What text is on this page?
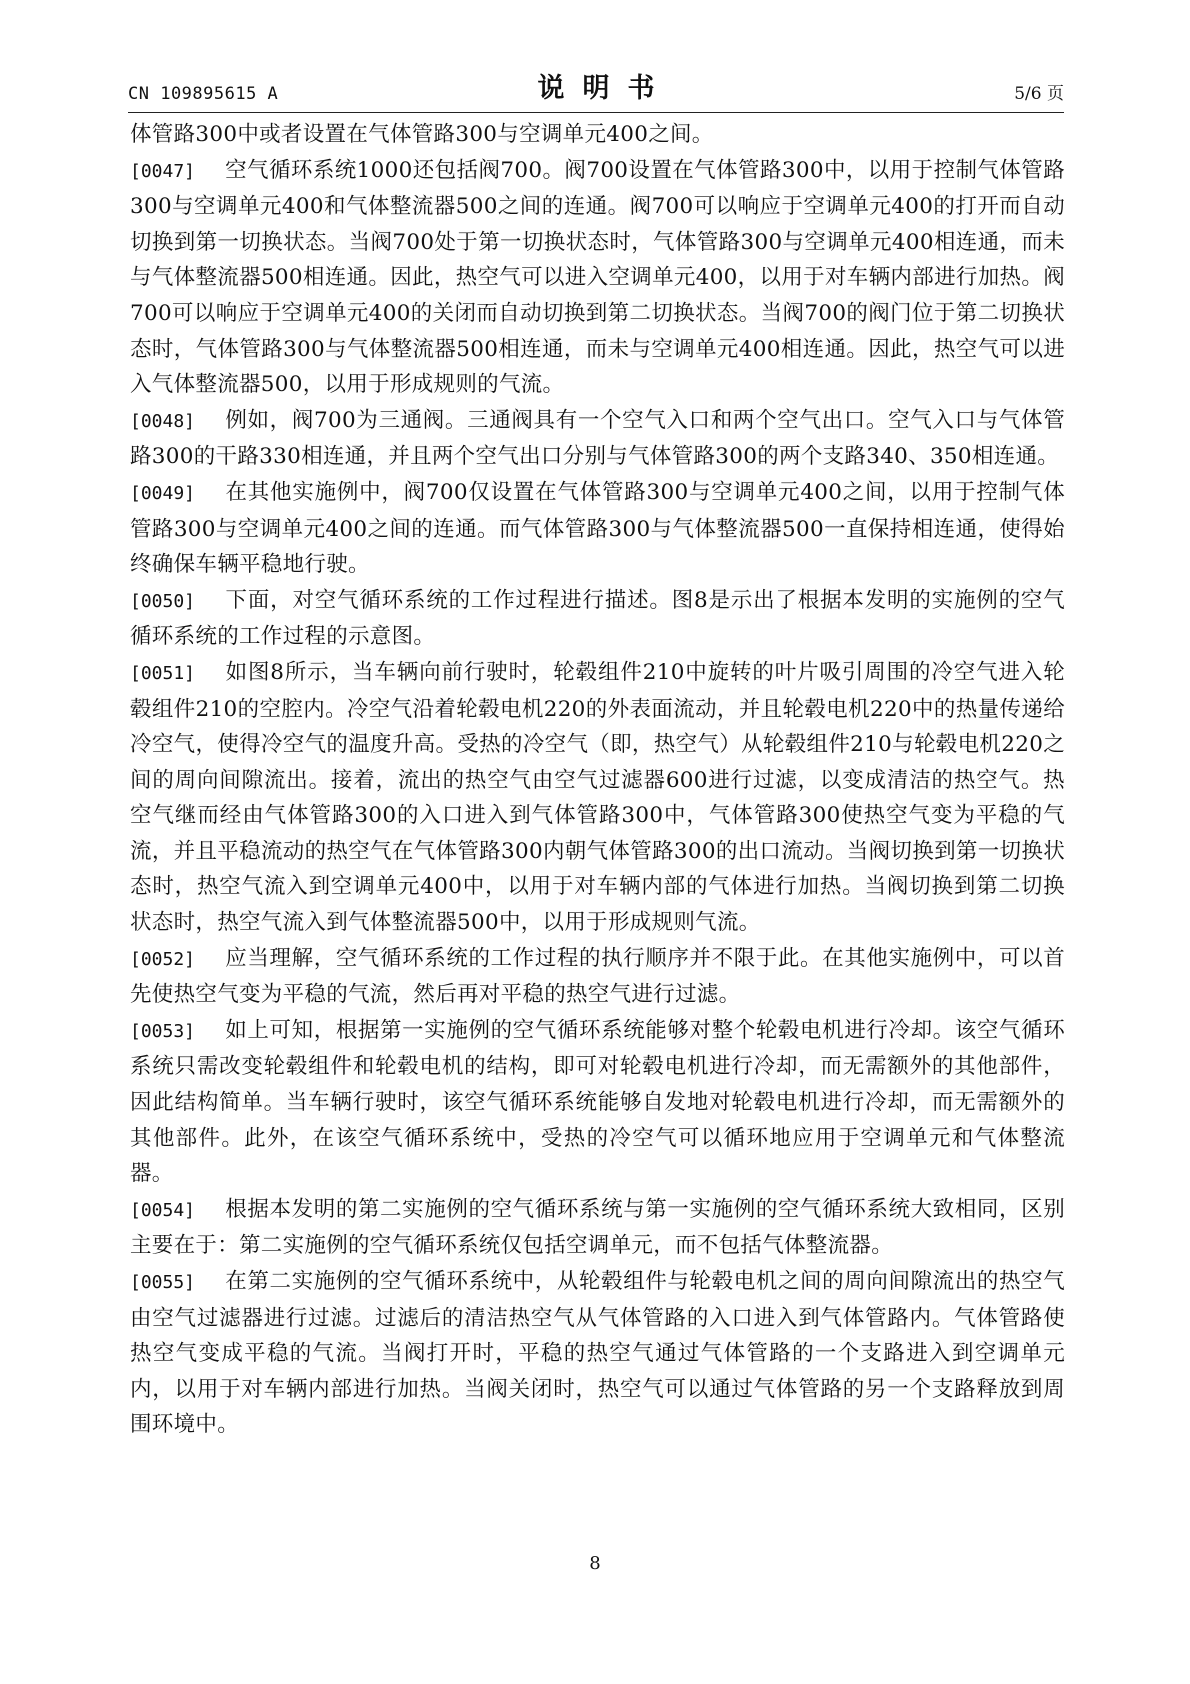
CN 109895615 A	说明书	5/6 页

体管路300中或者设置在气体管路300与空调单元400之间。

[0047] 空气循环系统1000还包括阀700。阀700设置在气体管路300中，以用于控制气体管路300与空调单元400和气体整流器500之间的连通。阀700可以响应于空调单元400的打开而自动切换到第一切换状态。当阀700处于第一切换状态时，气体管路300与空调单元400相连通，而未与气体整流器500相连通。因此，热空气可以进入空调单元400，以用于对车辆内部进行加热。阀700可以响应于空调单元400的关闭而自动切换到第二切换状态。当阀700的阀门位于第二切换状态时，气体管路300与气体整流器500相连通，而未与空调单元400相连通。因此，热空气可以进入气体整流器500，以用于形成规则的气流。

[0048] 例如，阀700为三通阀。三通阀具有一个空气入口和两个空气出口。空气入口与气体管路300的干路330相连通，并且两个空气出口分别与气体管路300的两个支路340、350相连通。

[0049] 在其他实施例中，阀700仅设置在气体管路300与空调单元400之间，以用于控制气体管路300与空调单元400之间的连通。而气体管路300与气体整流器500一直保持相连通，使得始终确保车辆平稳地行驶。

[0050] 下面，对空气循环系统的工作过程进行描述。图8是示出了根据本发明的实施例的空气循环系统的工作过程的示意图。

[0051] 如图8所示，当车辆向前行驶时，轮毂组件210中旋转的叶片吸引周围的冷空气进入轮毂组件210的空腔内。冷空气沿着轮毂电机220的外表面流动，并且轮毂电机220中的热量传递给冷空气，使得冷空气的温度升高。受热的冷空气（即，热空气）从轮毂组件210与轮毂电机220之间的周向间隙流出。接着，流出的热空气由空气过滤器600进行过滤，以变成清洁的热空气。热空气继而经由气体管路300的入口进入到气体管路300中，气体管路300使热空气变为平稳的气流，并且平稳流动的热空气在气体管路300内朝气体管路300的出口流动。当阀切换到第一切换状态时，热空气流入到空调单元400中，以用于对车辆内部的气体进行加热。当阀切换到第二切换状态时，热空气流入到气体整流器500中，以用于形成规则气流。

[0052] 应当理解，空气循环系统的工作过程的执行顺序并不限于此。在其他实施例中，可以首先使热空气变为平稳的气流，然后再对平稳的热空气进行过滤。

[0053] 如上可知，根据第一实施例的空气循环系统能够对整个轮毂电机进行冷却。该空气循环系统只需改变轮毂组件和轮毂电机的结构，即可对轮毂电机进行冷却，而无需额外的其他部件，因此结构简单。当车辆行驶时，该空气循环系统能够自发地对轮毂电机进行冷却，而无需额外的其他部件。此外，在该空气循环系统中，受热的冷空气可以循环地应用于空调单元和气体整流器。

[0054] 根据本发明的第二实施例的空气循环系统与第一实施例的空气循环系统大致相同，区别主要在于：第二实施例的空气循环系统仅包括空调单元，而不包括气体整流器。

[0055] 在第二实施例的空气循环系统中，从轮毂组件与轮毂电机之间的周向间隙流出的热空气由空气过滤器进行过滤。过滤后的清洁热空气从气体管路的入口进入到气体管路内。气体管路使热空气变成平稳的气流。当阀打开时，平稳的热空气通过气体管路的一个支路进入到空调单元内，以用于对车辆内部进行加热。当阀关闭时，热空气可以通过气体管路的另一个支路释放到周围环境中。

8
